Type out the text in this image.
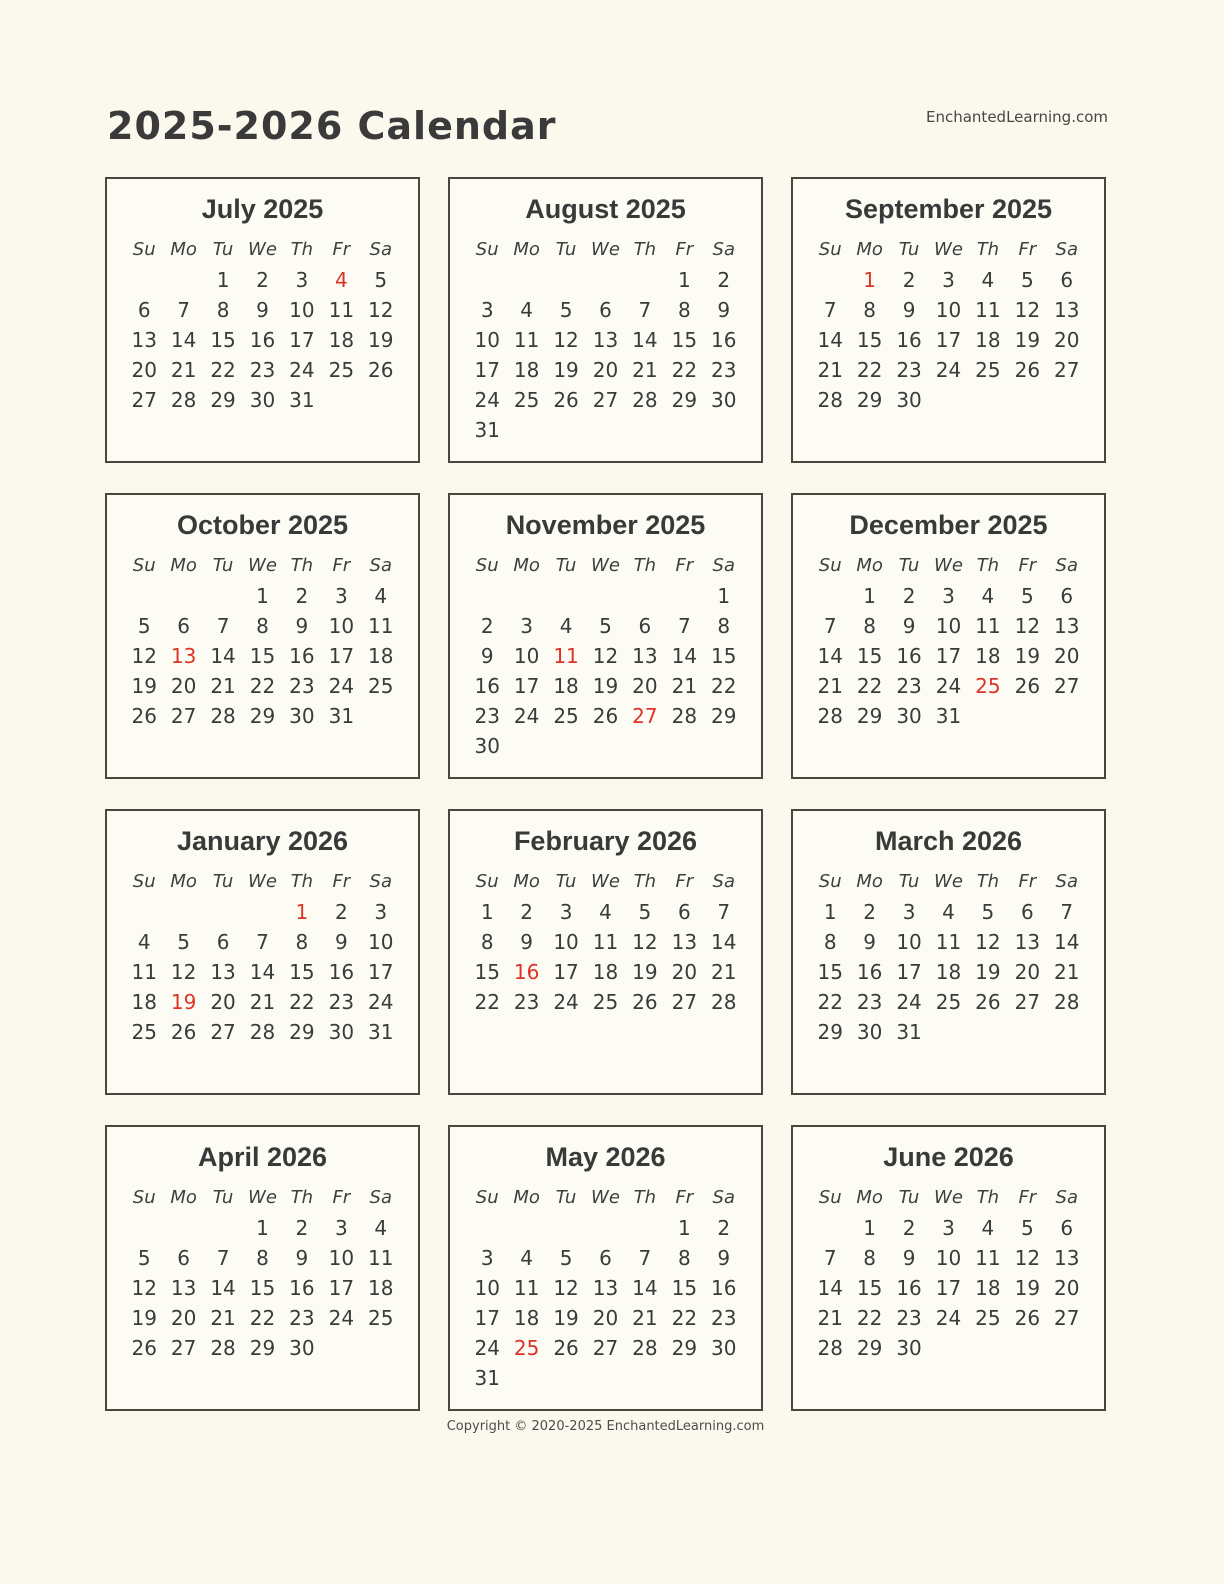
EnchantedLearning.com
2025-2026 Calendar
July 2025
Su	Mo	Tu	We	Th	Fr	Sa
		1	2	3	4	5
6	7	8	9	10	11	12
13	14	15	16	17	18	19
20	21	22	23	24	25	26
27	28	29	30	31		
August 2025
Su	Mo	Tu	We	Th	Fr	Sa
					1	2
3	4	5	6	7	8	9
10	11	12	13	14	15	16
17	18	19	20	21	22	23
24	25	26	27	28	29	30
31						
September 2025
Su	Mo	Tu	We	Th	Fr	Sa
	1	2	3	4	5	6
7	8	9	10	11	12	13
14	15	16	17	18	19	20
21	22	23	24	25	26	27
28	29	30				
October 2025
Su	Mo	Tu	We	Th	Fr	Sa
			1	2	3	4
5	6	7	8	9	10	11
12	13	14	15	16	17	18
19	20	21	22	23	24	25
26	27	28	29	30	31	
November 2025
Su	Mo	Tu	We	Th	Fr	Sa
						1
2	3	4	5	6	7	8
9	10	11	12	13	14	15
16	17	18	19	20	21	22
23	24	25	26	27	28	29
30						
December 2025
Su	Mo	Tu	We	Th	Fr	Sa
	1	2	3	4	5	6
7	8	9	10	11	12	13
14	15	16	17	18	19	20
21	22	23	24	25	26	27
28	29	30	31			
January 2026
Su	Mo	Tu	We	Th	Fr	Sa
				1	2	3
4	5	6	7	8	9	10
11	12	13	14	15	16	17
18	19	20	21	22	23	24
25	26	27	28	29	30	31
February 2026
Su	Mo	Tu	We	Th	Fr	Sa
1	2	3	4	5	6	7
8	9	10	11	12	13	14
15	16	17	18	19	20	21
22	23	24	25	26	27	28
March 2026
Su	Mo	Tu	We	Th	Fr	Sa
1	2	3	4	5	6	7
8	9	10	11	12	13	14
15	16	17	18	19	20	21
22	23	24	25	26	27	28
29	30	31				
April 2026
Su	Mo	Tu	We	Th	Fr	Sa
			1	2	3	4
5	6	7	8	9	10	11
12	13	14	15	16	17	18
19	20	21	22	23	24	25
26	27	28	29	30		
May 2026
Su	Mo	Tu	We	Th	Fr	Sa
					1	2
3	4	5	6	7	8	9
10	11	12	13	14	15	16
17	18	19	20	21	22	23
24	25	26	27	28	29	30
31						
June 2026
Su	Mo	Tu	We	Th	Fr	Sa
	1	2	3	4	5	6
7	8	9	10	11	12	13
14	15	16	17	18	19	20
21	22	23	24	25	26	27
28	29	30				
Copyright © 2020-2025 EnchantedLearning.com
